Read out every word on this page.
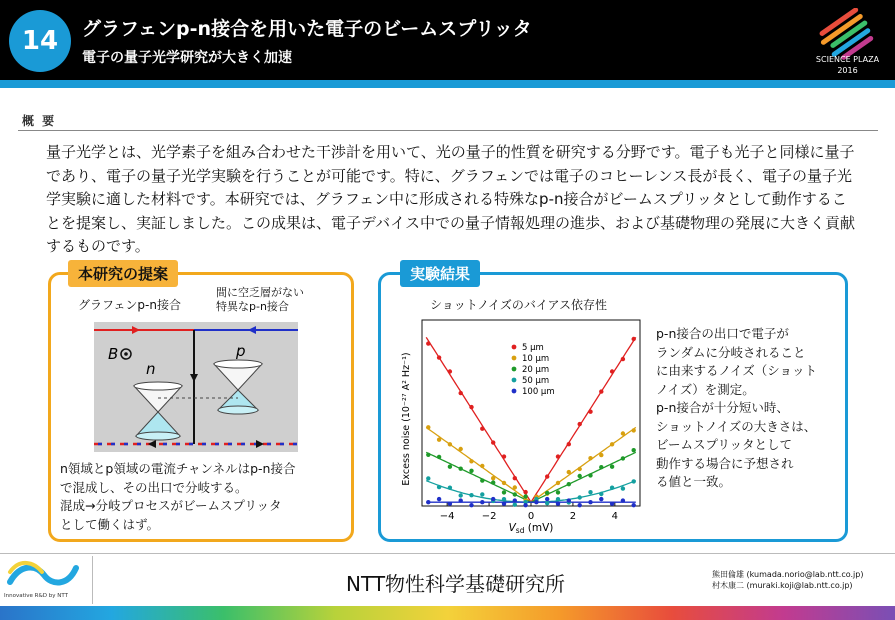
14	グラフェンp-n接合を用いた電子のビームスプリッタ
電子の量子光学研究が大きく加速	SCIENCE PLAZA
2016
概 要
量子光学とは、光学素子を組み合わせた干渉計を用いて、光の量子的性質を研究する分野です。電子も光子と同様に量子であり、電子の量子光学実験を行うことが可能です。特に、グラフェンでは電子のコヒーレンス長が長く、電子の量子光学実験に適した材料です。本研究では、グラフェン中に形成される特殊なp-n接合がビームスプリッタとして動作することを提案し、実証しました。この成果は、電子デバイス中での量子情報処理の進歩、および基礎物理の発展に大きく貢献するものです。
本研究の提案
グラフェンp-n接合
間に空乏層がない
特異なp-n接合
B
n
p
n領域とp領域の電流チャンネルはp-n接合
で混成し、その出口で分岐する。
混成→分岐プロセスがビームスプリッタ
として働くはず。
実験結果
ショットノイズのバイアス依存性
Excess noise (10⁻²⁷ A² Hz⁻¹)
Vsd (mV)
−4	−2	0	2	4
5 µm
10 µm
20 µm
50 µm
100 µm
p-n接合の出口で電子が
ランダムに分岐されること
に由来するノイズ（ショット
ノイズ）を測定。
p-n接合が十分短い時、
ショットノイズの大きさは、
ビームスプリッタとして
動作する場合に予想され
る値と一致。
Innovative R&D by NTT	NTT物性科学基礎研究所	熊田倫雄 (kumada.norio@lab.ntt.co.jp)
村木康二 (muraki.koji@lab.ntt.co.jp)
